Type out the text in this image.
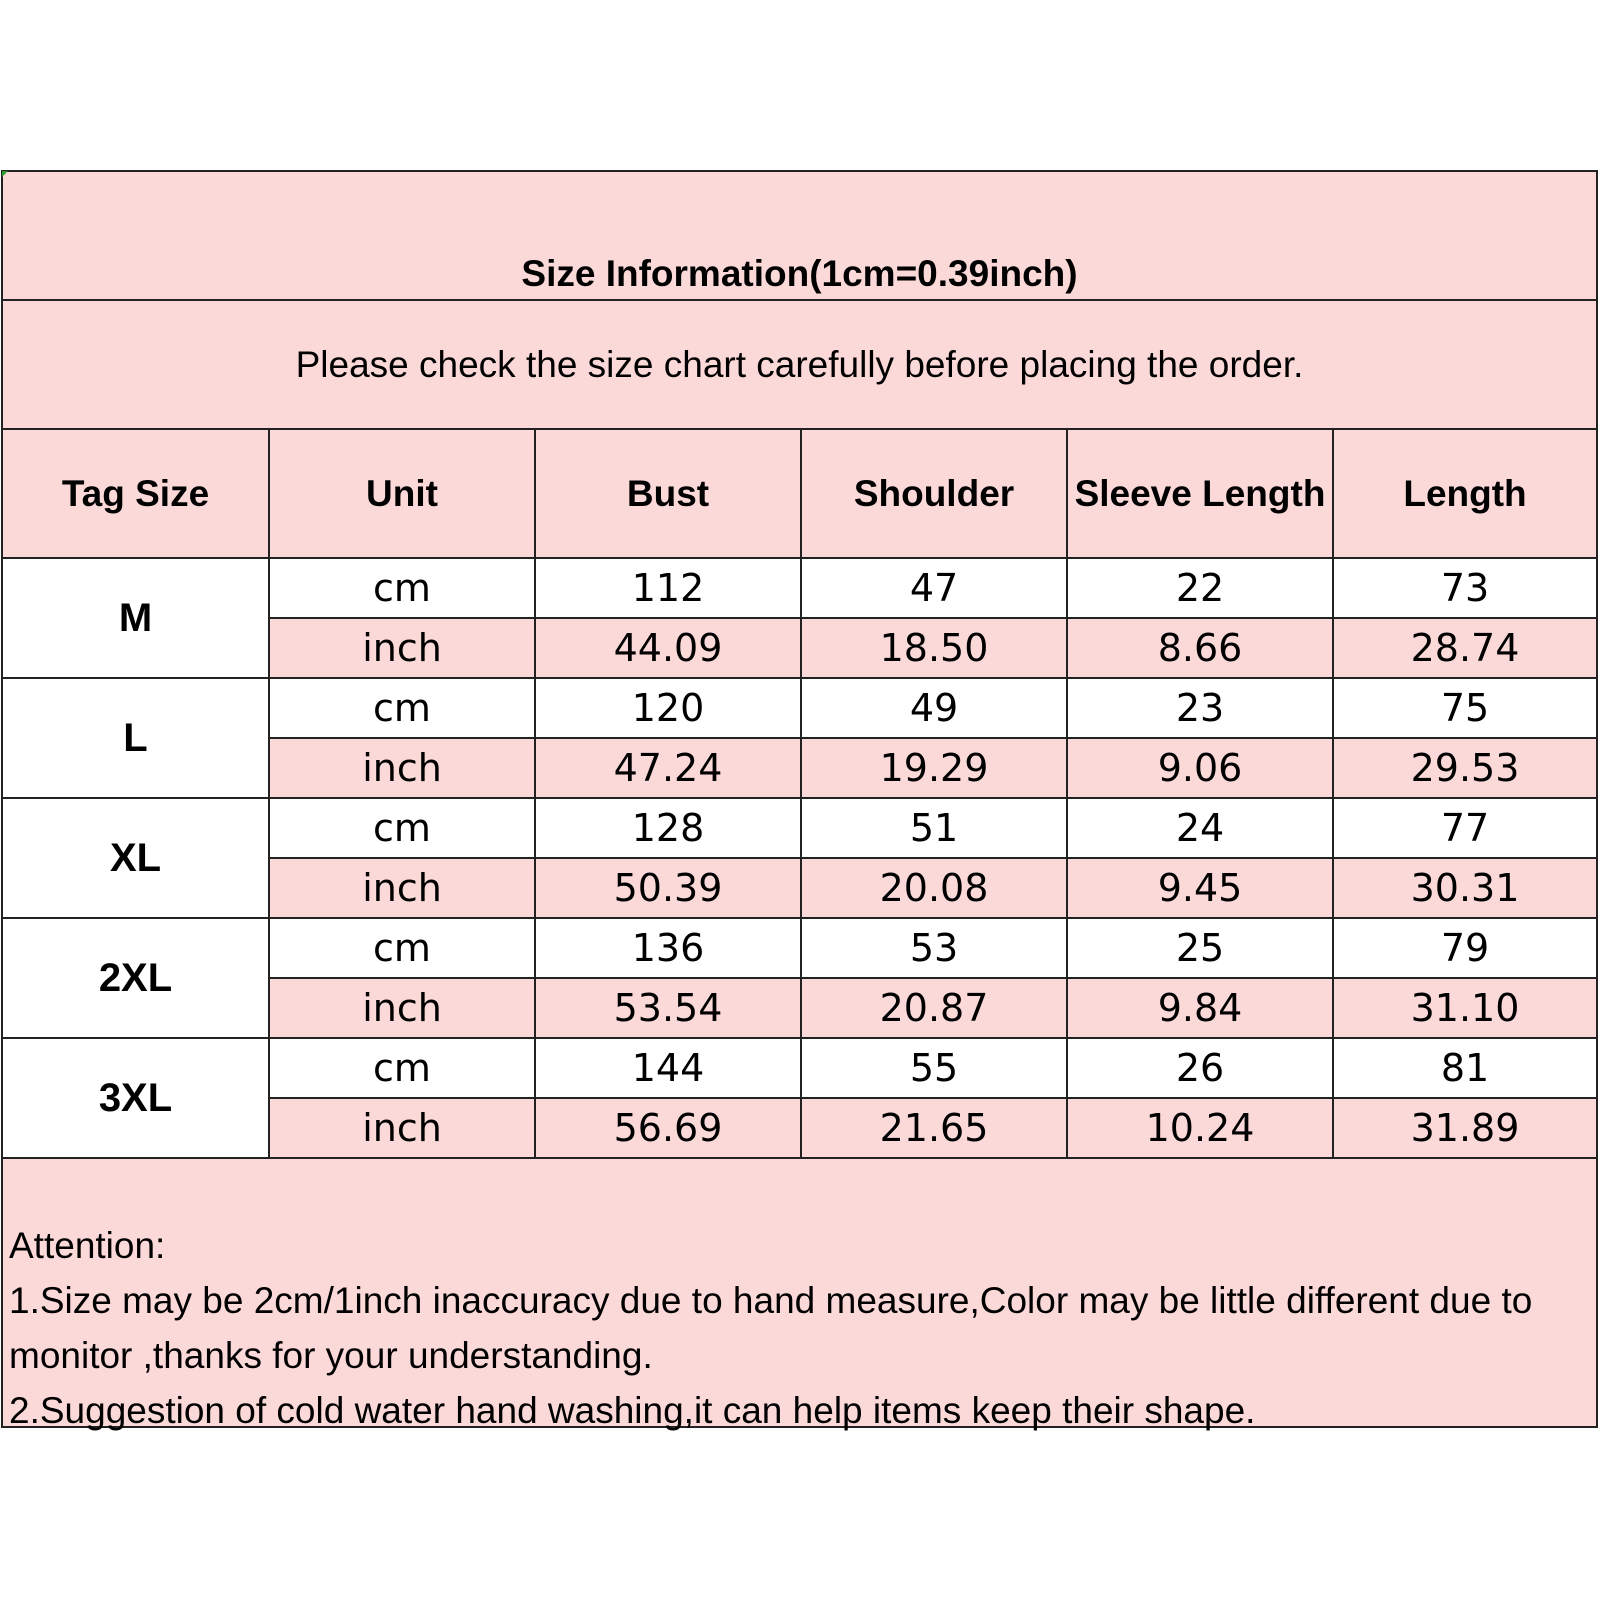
Size Information(1cm=0.39inch)
Please check the size chart carefully before placing the order.
Tag Size	Unit	Bust	Shoulder	Sleeve Length	Length
M	cm	112	47	22	73
	inch	44.09	18.50	8.66	28.74
L	cm	120	49	23	75
	inch	47.24	19.29	9.06	29.53
XL	cm	128	51	24	77
	inch	50.39	20.08	9.45	30.31
2XL	cm	136	53	25	79
	inch	53.54	20.87	9.84	31.10
3XL	cm	144	55	26	81
	inch	56.69	21.65	10.24	31.89
Attention:
1.Size may be 2cm/1inch inaccuracy due to hand measure,Color may be little different due to
monitor ,thanks for your understanding.
2.Suggestion of cold water hand washing,it can help items keep their shape.
